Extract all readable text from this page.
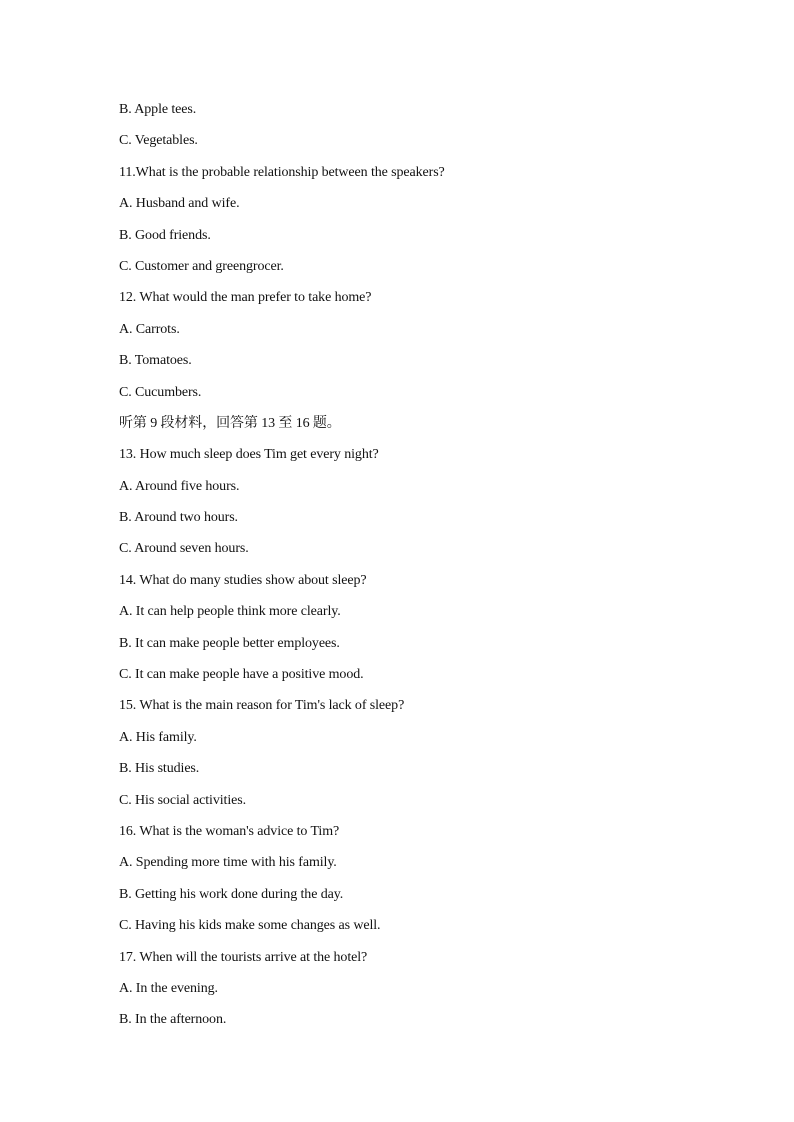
B. Apple tees.
C. Vegetables.
11.What is the probable relationship between the speakers?
A. Husband and wife.
B. Good friends.
C. Customer and greengrocer.
12. What would the man prefer to take home?
A. Carrots.
B. Tomatoes.
C. Cucumbers.
听第 9 段材料，回答第 13 至 16 题。
13. How much sleep does Tim get every night?
A. Around five hours.
B. Around two hours.
C. Around seven hours.
14. What do many studies show about sleep?
A. It can help people think more clearly.
B. It can make people better employees.
C. It can make people have a positive mood.
15. What is the main reason for Tim's lack of sleep?
A. His family.
B. His studies.
C. His social activities.
16. What is the woman's advice to Tim?
A. Spending more time with his family.
B. Getting his work done during the day.
C. Having his kids make some changes as well.
17. When will the tourists arrive at the hotel?
A. In the evening.
B. In the afternoon.
